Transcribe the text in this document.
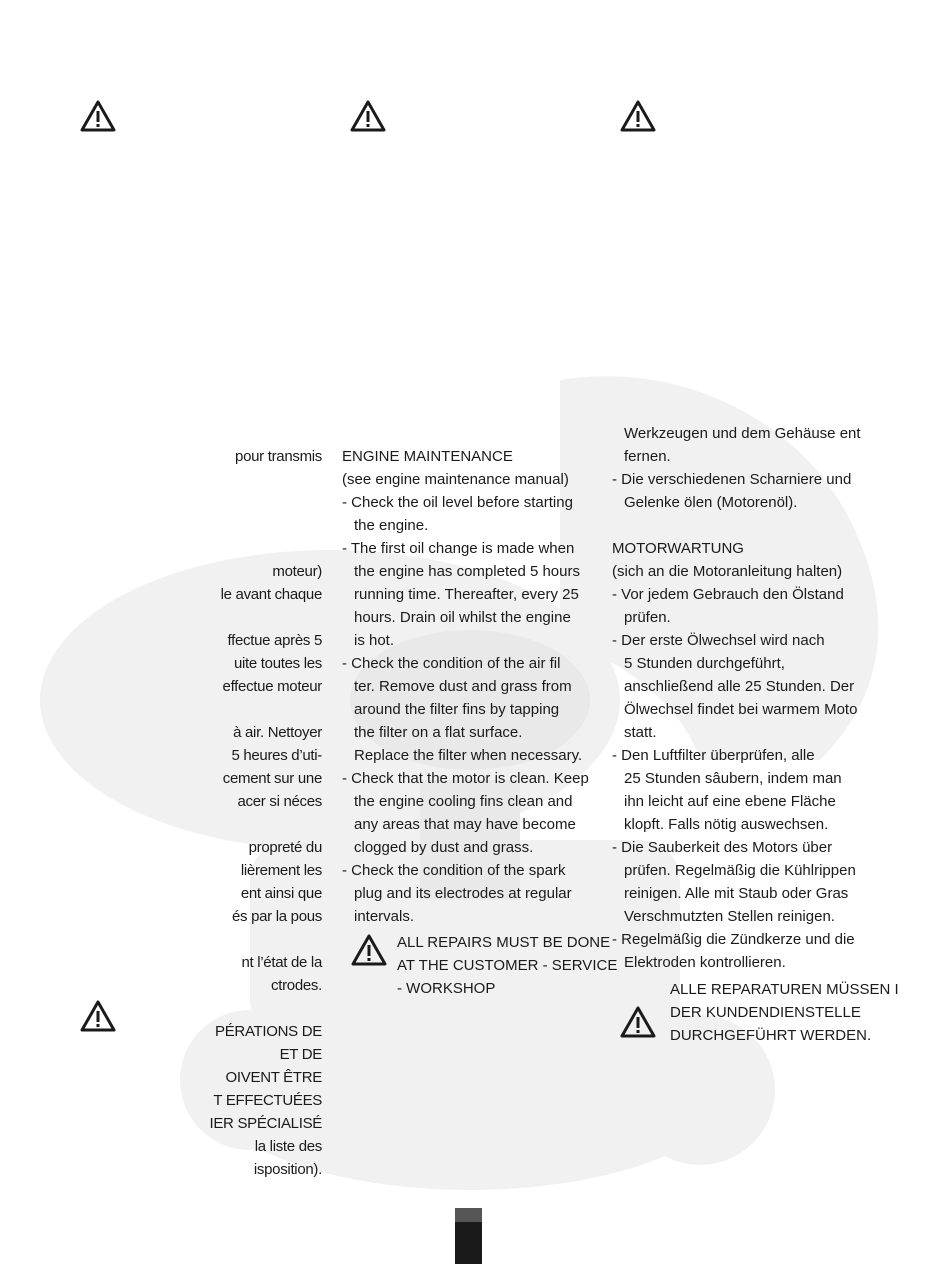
pour transmis

moteur)

le avant chaque

ffectue après 5

uite toutes les

effectue moteur

à air. Nettoyer

5 heures d’uti-

cement sur une

acer si néces

propreté du

lièrement les

ent ainsi que

és par la pous

nt l’état de la

ctrodes.

PÉRATIONS DE

ET DE

OIVENT ÊTRE

T EFFECTUÉES

IER SPÉCIALISÉ

la liste des

isposition).

ENGINE MAINTENANCE

(see engine maintenance manual)

- Check the oil level before starting

the engine.

- The first oil change is made when

the engine has completed 5 hours

running time. Thereafter, every 25

hours. Drain oil whilst the engine

is hot.

- Check the condition of the air fil

ter. Remove dust and grass from

around the filter fins by tapping

the filter on a flat surface.

Replace the filter when necessary.

- Check that the motor is clean. Keep

the engine cooling fins clean and

any areas that may have become

clogged by dust and grass.

- Check the condition of the spark

plug and its electrodes at regular

intervals.

ALL REPAIRS MUST BE DONE

AT THE CUSTOMER - SERVICE

- WORKSHOP

Werkzeugen und dem Gehäuse ent

fernen.

- Die verschiedenen Scharniere und

Gelenke ölen (Motorenöl).

MOTORWARTUNG

(sich an die Motoranleitung halten)

- Vor jedem Gebrauch den Ölstand

prüfen.

- Der erste Ölwechsel wird nach

5 Stunden durchgeführt,

anschließend alle 25 Stunden. Der

Ölwechsel findet bei warmem Moto

statt.

- Den Luftfilter überprüfen, alle

25 Stunden sâubern, indem man

ihn leicht auf eine ebene Fläche

klopft. Falls nötig auswechsen.

- Die Sauberkeit des Motors über

prüfen. Regelmäßig die Kühlrippen

reinigen. Alle mit Staub oder Gras

Verschmutzten Stellen reinigen.

- Regelmäßig die Zündkerze und die

Elektroden kontrollieren.

ALLE REPARATUREN MÜSSEN I

DER KUNDENDIENSTELLE

DURCHGEFÜHRT WERDEN.
